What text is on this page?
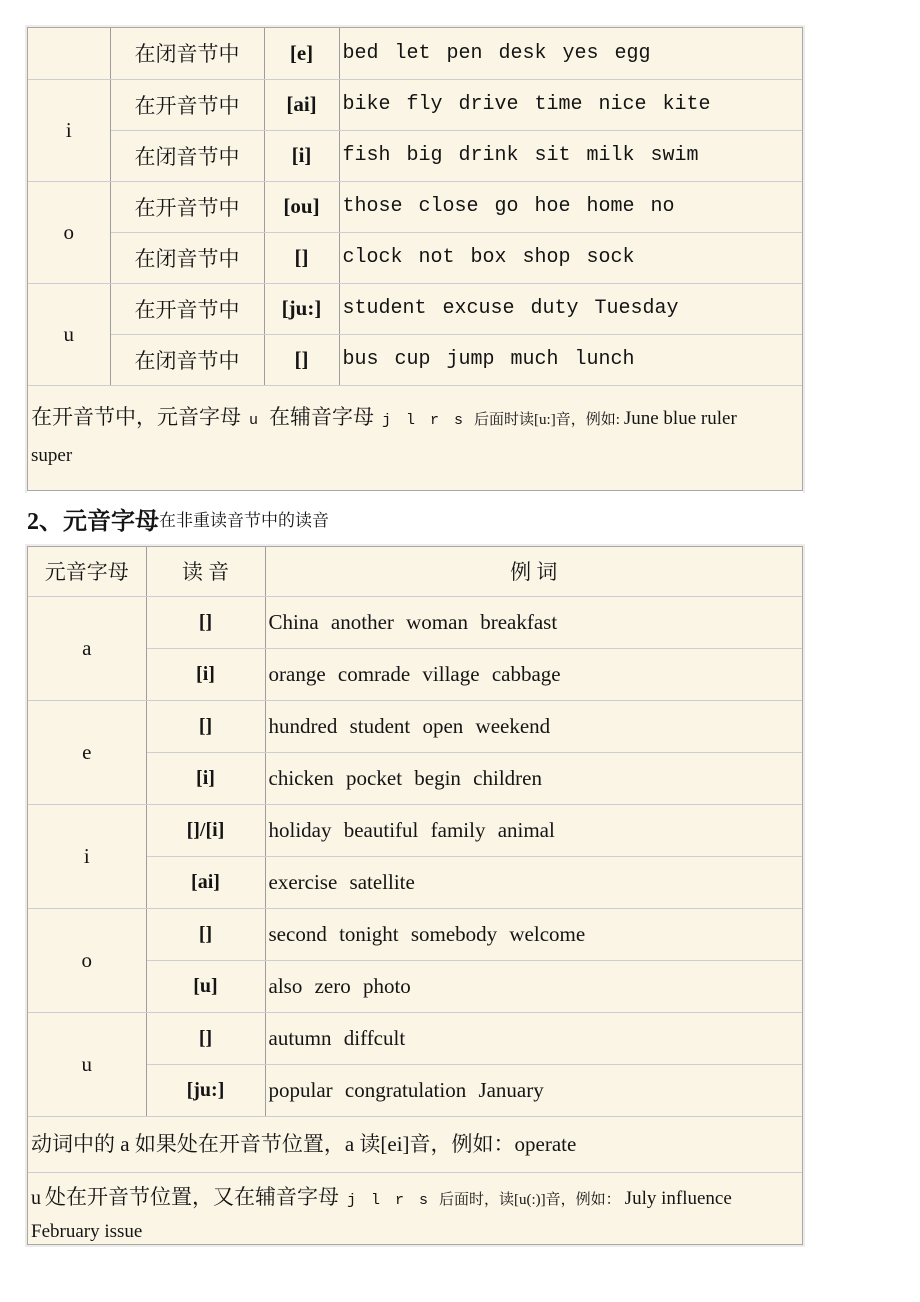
	在闭音节中	[e]	bed let pen desk yes egg
i	在开音节中	[ai]	bike fly drive time nice kite
	在闭音节中	[i]	fish big drink sit milk swim
o	在开音节中	[ou]	those close go hoe home no
	在闭音节中	[]	clock not box shop sock
u	在开音节中	[ju:]	student excuse duty Tuesday
	在闭音节中	[]	bus cup jump much lunch
在开音节中，元音字母 u 在辅音字母 j l r s 后面时读[u:]音，例如: June blue ruler
super
2、元音字母 在非重读音节中的读音
元音字母	读 音	例 词
a	[]	China another woman breakfast
	[i]	orange comrade village cabbage
e	[]	hundred student open weekend
	[i]	chicken pocket begin children
i	[]/[i]	holiday beautiful family animal
	[ai]	exercise satellite
o	[]	second tonight somebody welcome
	[u]	also zero photo
u	[]	autumn diffcult
	[ju:]	popular congratulation January
动词中的 a 如果处在开音节位置，a 读[ei]音，例如：operate
u 处在开音节位置，又在辅音字母 j l r s 后面时，读[u(:)]音，例如： July influence
February issue
